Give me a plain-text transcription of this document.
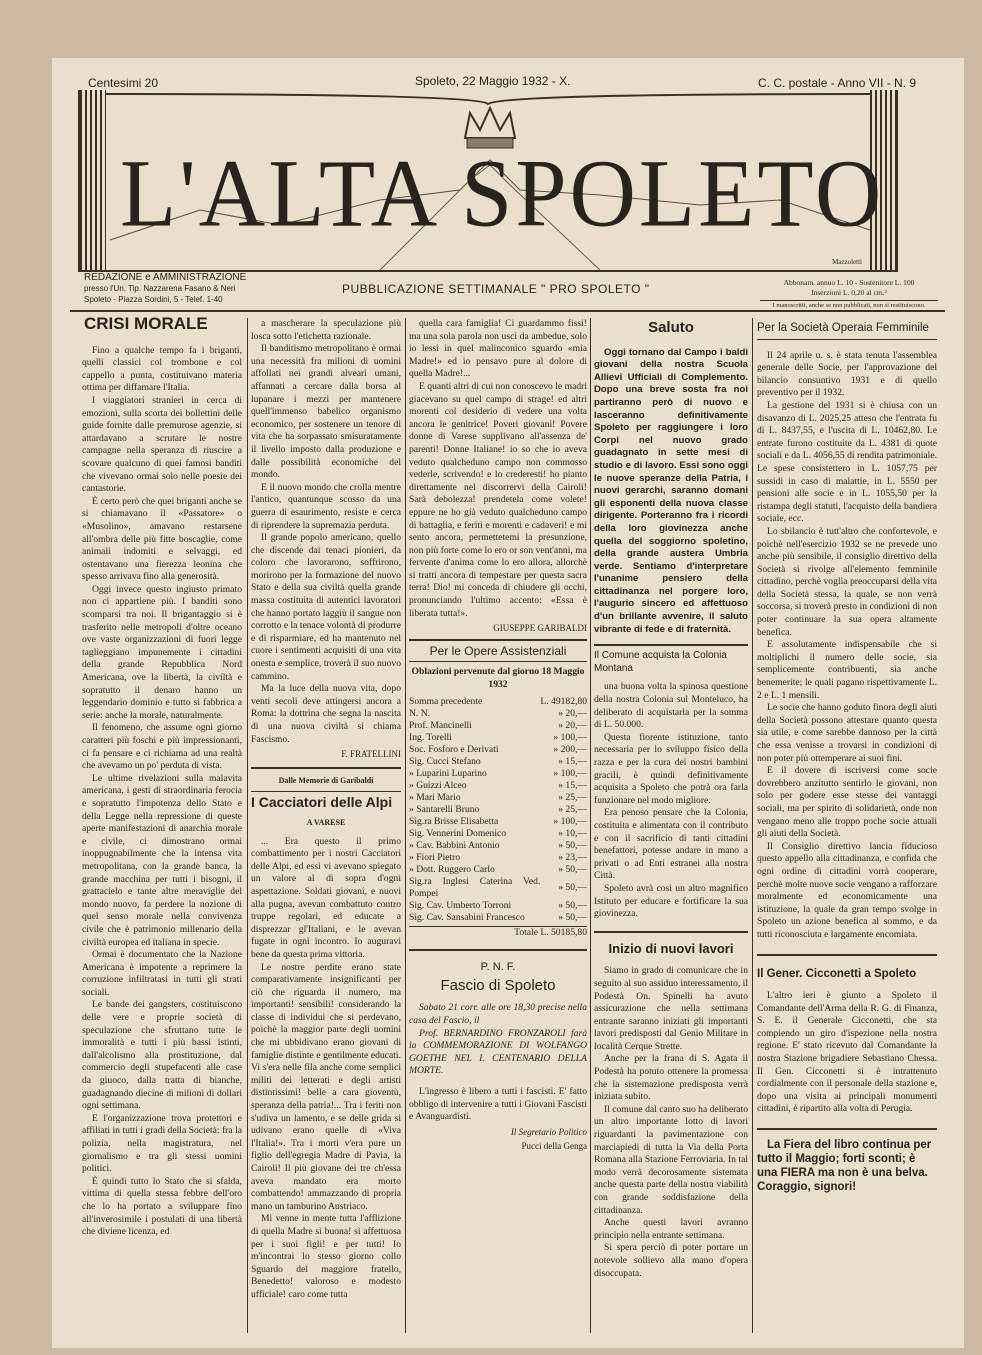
Centesimi 20	Spoleto, 22 Maggio 1932 - X.	C. C. postale - Anno VII - N. 9
L'ALTA SPOLETO
Mazzoletti
REDAZIONE e AMMINISTRAZIONE
presso l'Un. Tip. Nazzarena Fasano & Neri
Spoleto - Piazza Sordini, 5 - Telef. 1-40
PUBBLICAZIONE SETTIMANALE " PRO SPOLETO "	Abbonam. annuo L. 10 - Sostenitore L. 100
Inserzioni L. 0,20 al cm.²
I manoscritti, anche se non pubblicati, non si restituiscono.
CRISI MORALE

Fino a qualche tempo fa i briganti, quelli classici col trombone e col cappello a punta, costituivano materia ottima per diffamare l'Italia.

I viaggiatori stranieri in cerca di emozioni, sulla scorta dei bollettini delle guide fornite dalle premurose agenzie, si attardavano a scrutare le nostre campagne nella speranza di riuscire a scovare qualcuno di quei famosi banditi che vivevano ormai solo nelle poesie dei cantastorie.

È certo però che quei briganti anche se si chiamavano il «Passatore» o «Musolino», amavano restarsene all'ombra delle più fitte boscaglie, come animali indomiti e selvaggi, ed ostentavano una fierezza leonina che spesso arrivava fino alla generosità.

Oggi invece questo ingiusto primato non ci appartiene più. I banditi sono scomparsi tra noi. Il brigantaggio si è trasferito nelle metropoli d'oltre oceano ove vaste organizzazioni di fuori legge taglieggiano impunemente i cittadini della grande Repubblica Nord Americana, ove la libertà, la civiltà e sopratutto il denaro hanno un leggendario dominio e tutto si fabbrica a serie: anche la morale, naturalmente.

Il fenomeno, che assume ogni giorno caratteri più foschi e più impressionanti, ci fa pensare e ci richiama ad una realtà che avevamo un po' perduta di vista.

Le ultime rivelazioni sulla malavita americana, i gesti di straordinaria ferocia e sopratutto l'impotenza dello Stato e della Legge nella repressione di queste aperte manifestazioni di anarchia morale e civile, ci dimostrano ormai inoppugnabilmente che la intensa vita metropolitana, con la grande banca, la grande macchina per tutti i bisogni, il grattacielo e tante altre meraviglie del mondo nuovo, fa perdere la nozione di quel senso morale nella convivenza civile che è patrimonio millenario della civiltà europea ed italiana in specie.

Ormai è documentato che la Nazione Americana è impotente a reprimere la corruzione infiltratasi in tutti gli strati sociali.

Le bande dei gangsters, costituiscono delle vere e proprie società di speculazione che sfruttano tutte le immoralità e tutti i più bassi istinti, dall'alcolismo alla prostituzione, dal commercio degli stupefacenti alle case da giuoco, dalla tratta di bianche, guadagnando diecine di milioni di dollari ogni settimana.

E l'organizzazione trova protettori e affiliati in tutti i gradi della Società: fra la polizia, nella magistratura, nel giornalismo e tra gli stessi uomini politici.

È quindi tutto lo Stato che si sfalda, vittima di quella stessa febbre dell'oro che lo ha portato a sviluppare fino all'inverosimile i postulati di una libertà che diviene licenza, ed

a mascherare la speculazione più losca sotto l'etichetta razionale.

Il banditismo metropolitano è ormai una necessità fra milioni di uomini affollati nei grandi alveari umani, affannati a cercare dalla borsa al lupanare i mezzi per mantenere quell'immenso babelico organismo economico, per sostenere un tenore di vita che ha sorpassato smisuratamente il livello imposto dalla produzione e dalle possibilità economiche del mondo.

E il nuovo mondo che crolla mentre l'antico, quantunque scosso da una guerra di esaurimento, resiste e cerca di riprendere la supremazia perduta.

Il grande popolo americano, quello che discende dai tenaci pionieri, da coloro che lavorarono, soffrirono, morirono per la formazione del nuovo Stato e della sua civiltà quella grande massa costituita di autentici lavoratori che hanno portato laggiù il sangue non corrotto e la tenace volontà di produrre e di risparmiare, ed ha mantenuto nel cuore i sentimenti acquisiti di una vita onesta e semplice, troverà il suo nuovo cammino.

Ma la luce della nuova vita, dopo venti secoli deve attingersi ancora a Roma: la dottrina che segna la nascita di una nuova civiltà si chiama Fascismo.

F. FRATELLINI
Dalle Memorie di Garibaldi
I Cacciatori delle Alpi
A VARESE

... Era questo il primo combattimento per i nostri Cacciatori delle Alpi, ed essi vi avevano spiegato un valore al di sopra d'ogni aspettazione. Soldati giovani, e nuovi alla pugna, avevan combattuto contro truppe regolari, ed educate a disprezzar gl'Italiani, e le avevan fugate in ogni incontro. Io auguravi bene da questa prima vittoria.

Le nostre perdite erano state comparativamente insignificanti per ciò che riguarda il numero, ma importanti! sensibili! considerando la classe di individui che si perdevano, poichè la maggior parte degli uomini che mi ubbidivano erano giovani di famiglie distinte e gentilmente educati. Vi s'era nelle fila anche come semplici militi dei letterati e degli artisti distintissimi! belle a cara gioventù, speranza della patria!... Tra i feriti non s'udiva un lamento, e se delle grida si udivano erano quelle di «Viva l'Italia!». Tra i morti v'era pure un figlio dell'egregia Madre di Pavia, la Cairoli! Il più giovane dei tre ch'essa aveva mandato era morto combattendo! ammazzando di propria mano un tamburino Austriaco.

Mi venne in mente tutta l'afflizione di quella Madre sì buona! sì affettuosa per i suoi figli! e per tutti! Io m'incontrai lo stesso giorno collo Sguardo del maggiore fratello, Benedetto! valoroso e modesto ufficiale! caro come tutta

quella cara famiglia! Ci guardammo fissi! ma una sola parola non uscì da ambedue, solo io lessi in quel malinconico sguardo «mia Madre!» ed io pensavo pure al dolore di quella Madre!...

E quanti altri di cui non conoscevo le madri giacevano su quel campo di strage! ed altri morenti col desiderio di vedere una volta ancora le genitrice! Poveri giovani! Povere donne di Varese supplivano all'assenza de' parenti! Donne Italiane! io so che io aveva veduto qualcheduno campo non commosso vederle, scrivendo! e lo crederesti! ho pianto direttamente nel discorrervi della Cairoli! Sarà debolezza! prendetela come volete! eppure ne ho già veduto qualcheduno campo di battaglia, e feriti e morenti e cadaveri! e mi sento ancora, permettetemi la presunzione, non più forte come lo ero or son vent'anni, ma fervente d'anima come lo ero allora, allorchè si tratti ancora di tempestare per questa sacra terra! Dio! mi conceda di chiudere gli occhi, pronunciando l'ultimo accento: «Essa è liberata tutta!».

GIUSEPPE GARIBALDI
Per le Opere Assistenziali
Oblazioni pervenute dal giorno 18 Maggio 1932
Somma precedente	L. 49182,80
N. N.	» 20,—
Prof. Mancinelli	» 20,—
Ing. Torelli	» 100,—
Soc. Fosforo e Derivati	» 200,—
Sig. Cucci Stefano	» 15,—
» Luparini Luparino	» 100,—
» Guizzi Alceo	» 15,—
» Mari Mario	» 25,—
» Santarelli Bruno	» 25,—
Sig.ra Brisse Elisabetta	» 100,—
Sig. Vennerini Domenico	» 10,—
» Cav. Babbini Antonio	» 50,—
» Fiori Pietro	» 23,—
» Dott. Ruggero Carlo	» 50,—
Sig.ra Inglesi Caterina Ved. Pompei	» 50,—
Sig. Cav. Umberto Torroni	» 50,—
Sig. Cav. Sansabini Francesco	» 50,—
Totale L. 50185,80
P. N. F.
Fascio di Spoleto

Sabato 21 corr. alle ore 18,30 precise nella casa del Fascio, il

Prof. BERNARDINO FRONZAROLI farà la COMMEMORAZIONE DI WOLFANGO GOETHE NEL I. CENTENARIO DELLA MORTE.

L'ingresso è libero a tutti i fascisti. E' fatto obbligo di intervenire a tutti i Giovani Fascisti e Avanguardisti.

Il Segretario Politico
Pucci della Genga
Saluto

Oggi tornano dal Campo i baldi giovani della nostra Scuola Allievi Ufficiali di Complemento. Dopo una breve sosta fra noi partiranno però di nuovo e lasceranno definitivamente Spoleto per raggiungere i loro Corpi nel nuovo grado guadagnato in sette mesi di studio e di lavoro. Essi sono oggi le nuove speranze della Patria, i nuovi gerarchi, saranno domani gli esponenti della nuova classe dirigente. Porteranno fra i ricordi della loro giovinezza anche quella del soggiorno spoletino, della grande austera Umbria verde. Sentiamo d'interpretare l'unanime pensiero della cittadinanza nel porgere loro, l'augurio sincero ed affettuoso d'un brillante avvenire, il saluto vibrante di fede e di fraternità.

Il Comune acquista la Colonia Montana

una buona volta la spinosa questione della nostra Colonia sul Monteluco, ha deliberato di acquistarla per la somma di L. 50.000.

Questa fiorente istituzione, tanto necessaria per lo sviluppo fisico della razza e per la cura dei nostri bambini gracili, è quindi definitivamente acquisita a Spoleto che potrà ora farla funzionare nel modo migliore.

Era penoso pensare che la Colonia, costituita e alimentata con il contributo e con il sacrificio di tanti cittadini benefattori, potesse andare in mano a privati o ad Enti estranei alla nostra Città.

Spoleto avrà così un altro magnifico Istituto per educare e fortificare la sua giovinezza.

Inizio di nuovi lavori

Siamo in grado di comunicare che in seguito al suo assiduo interessamento, il Podestà On. Spinelli ha avuto assicurazione che nella settimana entrante saranno iniziati gli importanti lavori predisposti dal Genio Militare in località Cerque Strette.

Anche per la frana di S. Agata il Podestà ha potuto ottenere la promessa che la sistemazione predisposta verrà iniziata subito.

Il comune dal canto suo ha deliberato un altro importante lotto di lavori riguardanti la pavimentazione con marciapiedi di tutta la Via della Porta Romana alla Stazione Ferroviaria. In tal modo verrà decorosamente sistemata anche questa parte della nostra viabilità con grande soddisfazione della cittadinanza.

Anche questi lavori avranno principio nella entrante settimana.

Si spera perciò di poter portare un notevole sollievo alla mano d'opera disoccupata.

Per la Società Operaia Femminile

Il 24 aprile u. s. è stata tenuta l'assemblea generale delle Socie, per l'approvazione del bilancio consuntivo 1931 e di quello preventivo per il 1932.

La gestione del 1931 si è chiusa con un disavanzo di L. 2025,25 atteso che l'entrata fu di L. 8437,55, e l'uscita di L. 10462,80. Le entrate furono costituite da L. 4381 di quote sociali e da L. 4056,55 di rendita patrimoniale. Le spese consistettero in L. 1057,75 per sussidi in caso di malattie, in L. 5550 per pensioni alle socie e in L. 1055,50 per la ristampa degli statuti, l'acquisto della bandiera sociale, ecc.

Lo sbilancio è tutt'altro che confortevole, e poichè nell'esercizio 1932 se ne prevede uno anche più sensibile, il consiglio direttivo della Società si rivolge all'elemento femminile cittadino, perchè voglia preoccuparsi della vita della Società stessa, la quale, se non verrà soccorsa, si troverà presto in condizioni di non poter continuare la sua opera altamente benefica.

E assolutamente indispensabile che si moltiplichi il numero delle socie, sia semplicemente contribuenti, sia anche benemerite; le quali pagano rispettivamente L. 2 e L. 1 mensili.

Le socie che hanno goduto finora degli aiuti della Società possono attestare quanto questa sia utile, e come sarebbe dannoso per la città che essa venisse a trovarsi in condizioni di non poter più ottemperare ai suoi fini.

E il dovere di iscriversi come socie dovrebbero anzitutto sentirlo le giovani, non solo per godere esse stesse dei vantaggi sociali, ma per spirito di solidarietà, onde non vengano meno alle troppo poche socie attuali gli aiuti della Società.

Il Consiglio direttivo lancia fiducioso questo appello alla cittadinanza, e confida che ogni ordine di cittadini vorrà cooperare, perchè molte nuove socie vengano a rafforzare moralmente ed economicamente una istituzione, la quale da gran tempo svolge in Spoleto un azione benefica al sommo, e da tutti riconosciuta e largamente encomiata.

Il Gener. Cicconetti a Spoleto

L'altro ieri è giunto a Spoleto il Comandante dell'Arma della R. G. di Finanza, S. E. il Generale Cicconetti, che sta compiendo un giro d'ispezione nella nostra regione. E' stato ricevuto dal Comandante la nostra Stazione brigadiere Sebastiano Chessa. Il Gen. Cicconetti si è intrattenuto cordialmente con il personale della stazione e, dopo una visita ai principali monumenti cittadini, è ripartito alla volta di Perugia.

La Fiera del libro continua per tutto il Maggio; forti sconti; è una FIERA ma non è una belva. Coraggio, signori!
